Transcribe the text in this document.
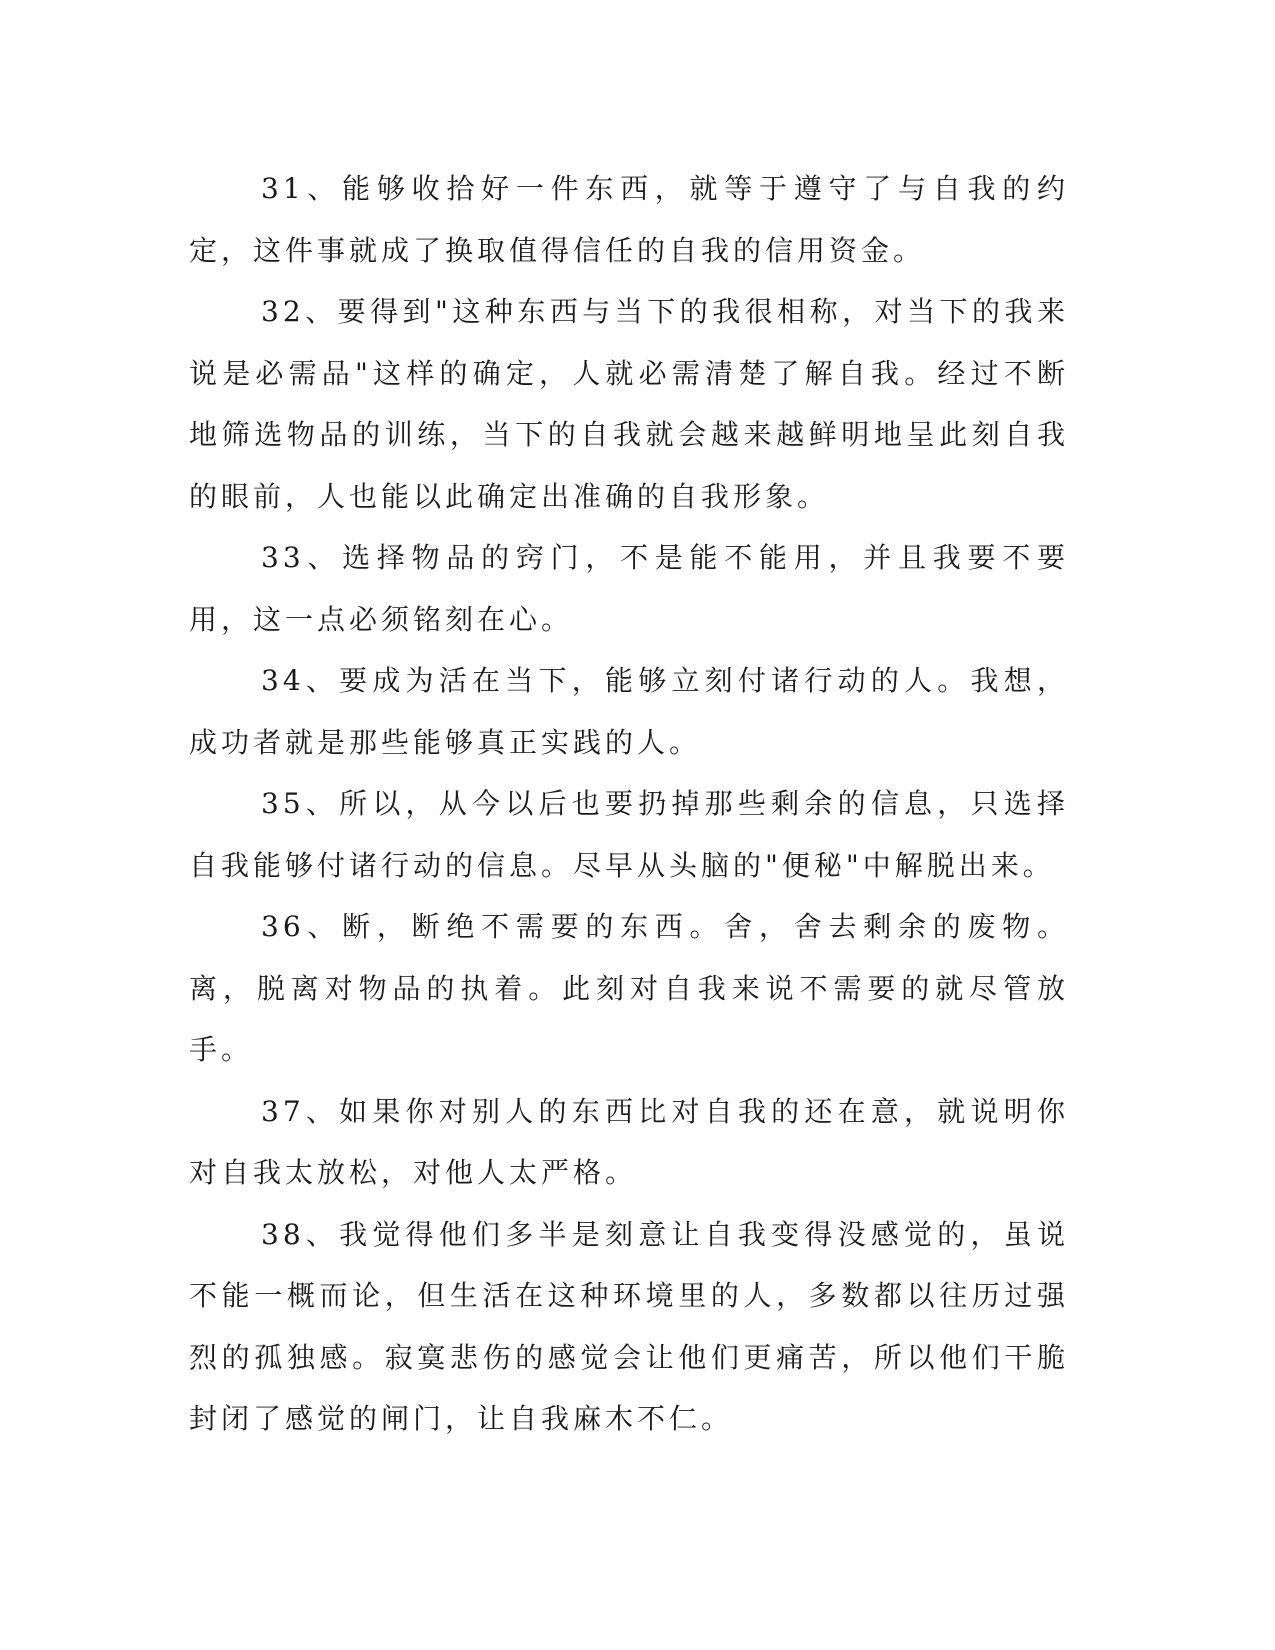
31、能够收拾好一件东西，就等于遵守了与自我的约定，这件事就成了换取值得信任的自我的信用资金。

32、要得到"这种东西与当下的我很相称，对当下的我来说是必需品"这样的确定，人就必需清楚了解自我。经过不断地筛选物品的训练，当下的自我就会越来越鲜明地呈此刻自我的眼前，人也能以此确定出准确的自我形象。

33、选择物品的窍门，不是能不能用，并且我要不要用，这一点必须铭刻在心。

34、要成为活在当下，能够立刻付诸行动的人。我想，成功者就是那些能够真正实践的人。

35、所以，从今以后也要扔掉那些剩余的信息，只选择自我能够付诸行动的信息。尽早从头脑的"便秘"中解脱出来。

36、断，断绝不需要的东西。舍，舍去剩余的废物。离，脱离对物品的执着。此刻对自我来说不需要的就尽管放手。

37、如果你对别人的东西比对自我的还在意，就说明你对自我太放松，对他人太严格。

38、我觉得他们多半是刻意让自我变得没感觉的，虽说不能一概而论，但生活在这种环境里的人，多数都以往历过强烈的孤独感。寂寞悲伤的感觉会让他们更痛苦，所以他们干脆封闭了感觉的闸门，让自我麻木不仁。
